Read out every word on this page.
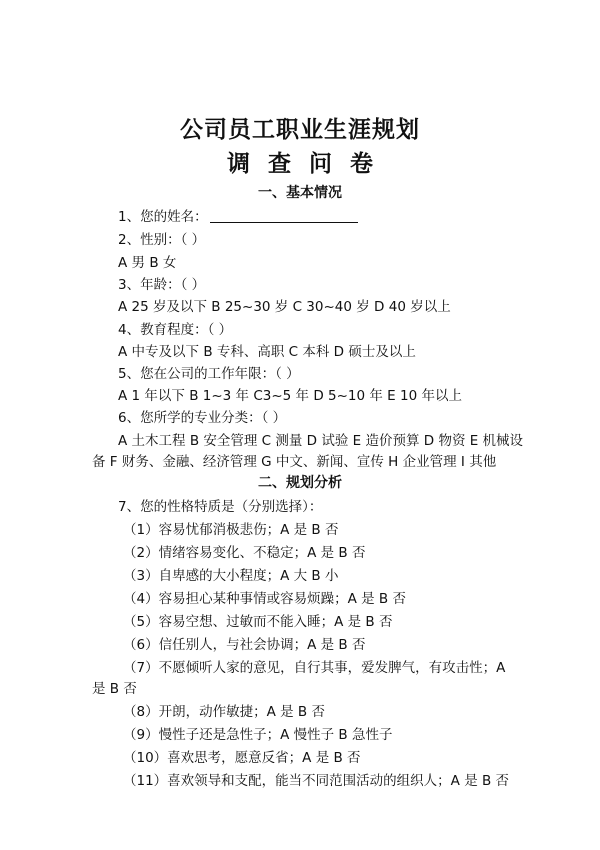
公司员工职业生涯规划
调查问卷
一、基本情况
1、您的姓名：
2、性别：（ ）
A 男 B 女
3、年龄：（ ）
A 25 岁及以下 B 25~30 岁 C 30~40 岁 D 40 岁以上
4、教育程度：（ ）
A 中专及以下 B 专科、高职 C 本科 D 硕士及以上
5、您在公司的工作年限：（ ）
A 1 年以下 B 1~3 年 C3~5 年 D 5~10 年 E 10 年以上
6、您所学的专业分类：（ ）
A 土木工程 B 安全管理 C 测量 D 试验 E 造价预算 D 物资 E 机械设
备 F 财务、金融、经济管理 G 中文、新闻、宣传 H 企业管理 I 其他
二、规划分析
7、您的性格特质是（分别选择）：
（1）容易忧郁消极悲伤；A 是 B 否
（2）情绪容易变化、不稳定；A 是 B 否
（3）自卑感的大小程度；A 大 B 小
（4）容易担心某种事情或容易烦躁；A 是 B 否
（5）容易空想、过敏而不能入睡；A 是 B 否
（6）信任别人，与社会协调；A 是 B 否
（7）不愿倾听人家的意见，自行其事，爱发脾气，有攻击性；A
是 B 否
（8）开朗，动作敏捷；A 是 B 否
（9）慢性子还是急性子；A 慢性子 B 急性子
（10）喜欢思考，愿意反省；A 是 B 否
（11）喜欢领导和支配，能当不同范围活动的组织人；A 是 B 否
